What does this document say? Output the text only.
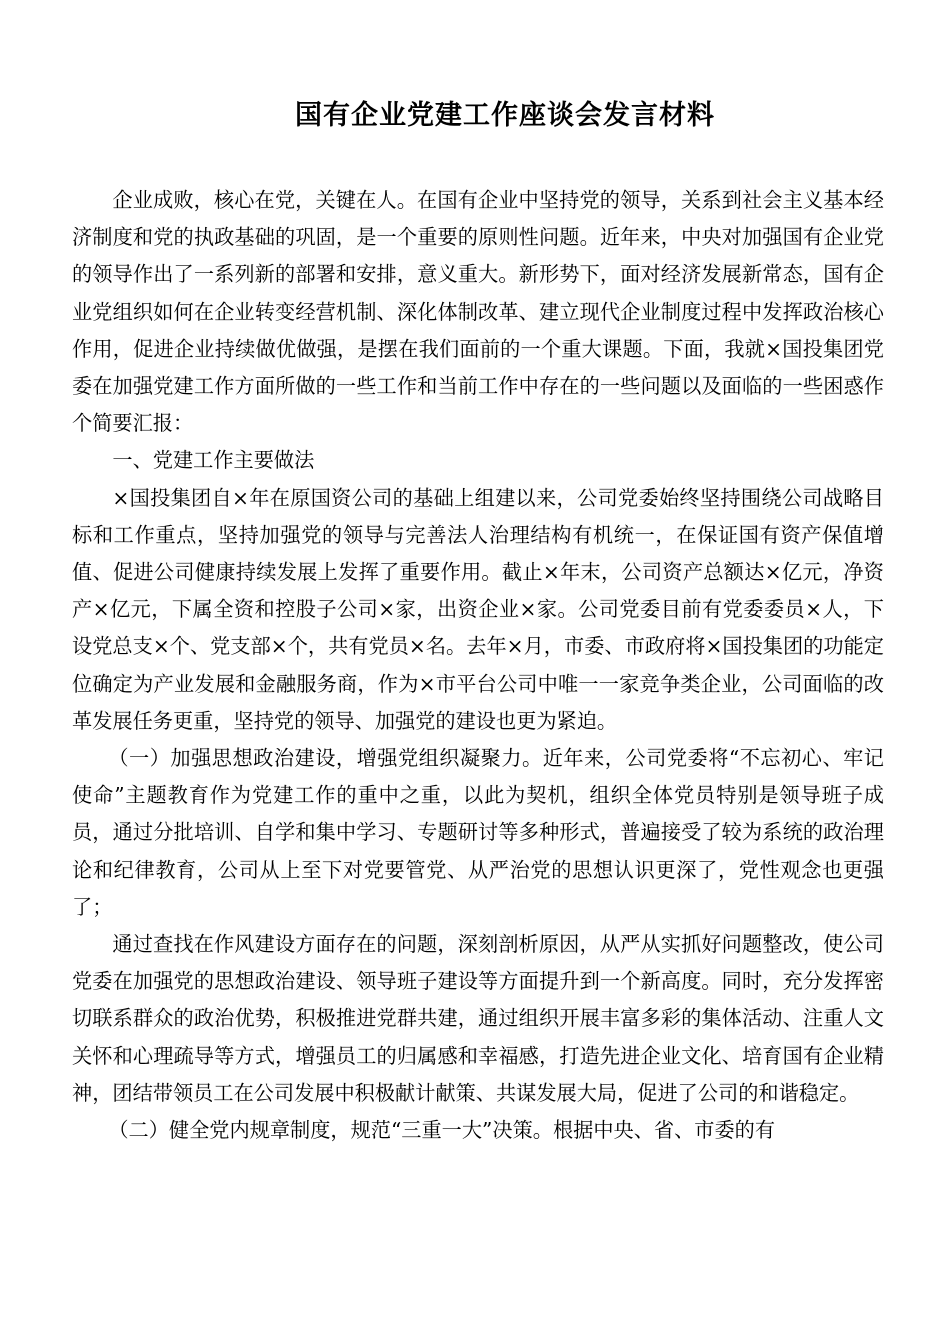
国有企业党建工作座谈会发言材料

企业成败，核心在党，关键在人。在国有企业中坚持党的领导，关系到社会主义基本经济制度和党的执政基础的巩固，是一个重要的原则性问题。近年来，中央对加强国有企业党的领导作出了一系列新的部署和安排，意义重大。新形势下，面对经济发展新常态，国有企业党组织如何在企业转变经营机制、深化体制改革、建立现代企业制度过程中发挥政治核心作用，促进企业持续做优做强，是摆在我们面前的一个重大课题。下面，我就×国投集团党委在加强党建工作方面所做的一些工作和当前工作中存在的一些问题以及面临的一些困惑作个简要汇报：

一、党建工作主要做法

×国投集团自×年在原国资公司的基础上组建以来，公司党委始终坚持围绕公司战略目标和工作重点，坚持加强党的领导与完善法人治理结构有机统一，在保证国有资产保值增值、促进公司健康持续发展上发挥了重要作用。截止×年末，公司资产总额达×亿元，净资产×亿元，下属全资和控股子公司×家，出资企业×家。公司党委目前有党委委员×人，下设党总支×个、党支部×个，共有党员×名。去年×月，市委、市政府将×国投集团的功能定位确定为产业发展和金融服务商，作为×市平台公司中唯一一家竞争类企业，公司面临的改革发展任务更重，坚持党的领导、加强党的建设也更为紧迫。

（一）加强思想政治建设，增强党组织凝聚力。近年来，公司党委将“不忘初心、牢记使命”主题教育作为党建工作的重中之重，以此为契机，组织全体党员特别是领导班子成员，通过分批培训、自学和集中学习、专题研讨等多种形式，普遍接受了较为系统的政治理论和纪律教育，公司从上至下对党要管党、从严治党的思想认识更深了，党性观念也更强了；

通过查找在作风建设方面存在的问题，深刻剖析原因，从严从实抓好问题整改，使公司党委在加强党的思想政治建设、领导班子建设等方面提升到一个新高度。同时，充分发挥密切联系群众的政治优势，积极推进党群共建，通过组织开展丰富多彩的集体活动、注重人文关怀和心理疏导等方式，增强员工的归属感和幸福感，打造先进企业文化、培育国有企业精神，团结带领员工在公司发展中积极献计献策、共谋发展大局，促进了公司的和谐稳定。

（二）健全党内规章制度，规范“三重一大”决策。根据中央、省、市委的有
